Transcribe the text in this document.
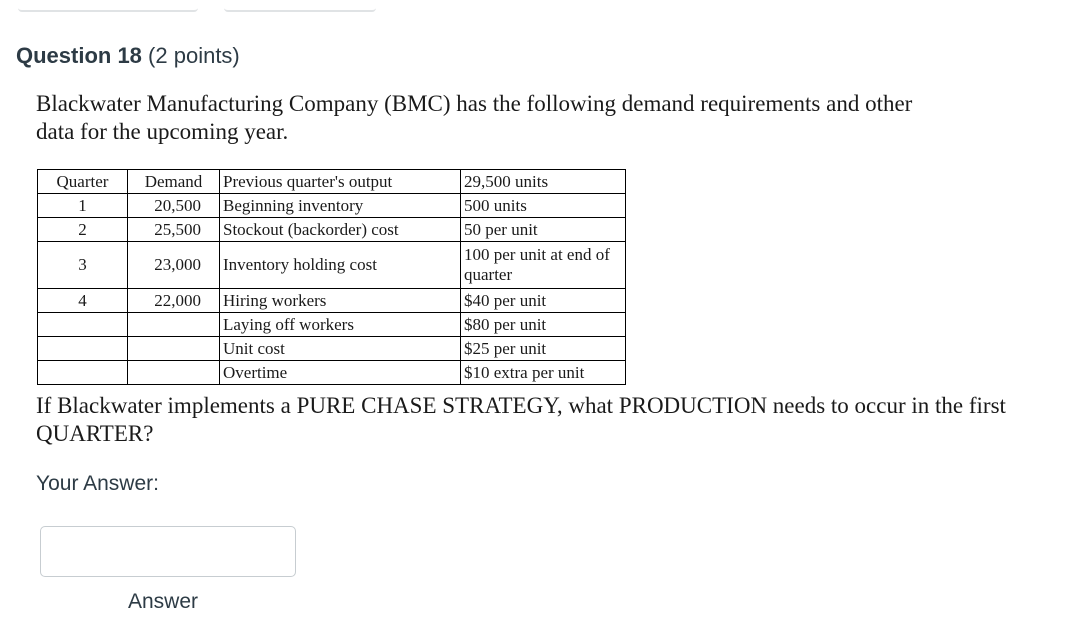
Question 18 (2 points)
Blackwater Manufacturing Company (BMC) has the following demand requirements and other data for the upcoming year.
Quarter	Demand	Previous quarter's output	29,500 units
1	20,500	Beginning inventory	500 units
2	25,500	Stockout (backorder) cost	50 per unit
3	23,000	Inventory holding cost	100 per unit at end of quarter
4	22,000	Hiring workers	$40 per unit
		Laying off workers	$80 per unit
		Unit cost	$25 per unit
		Overtime	$10 extra per unit
If Blackwater implements a PURE CHASE STRATEGY, what PRODUCTION needs to occur in the first QUARTER?
Your Answer:
Answer
